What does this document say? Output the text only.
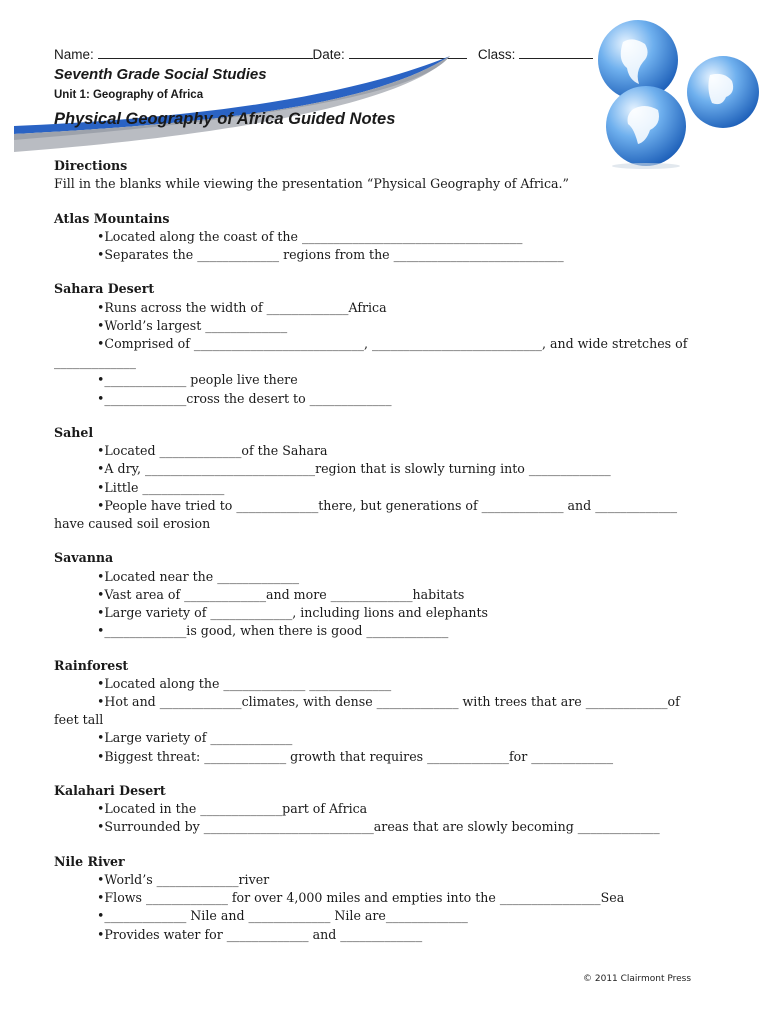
Name:	Date:	Class:
Seventh Grade Social Studies
Unit 1: Geography of Africa
Physical Geography of Africa Guided Notes

Directions

Fill in the blanks while viewing the presentation “Physical Geography of Africa.”

Atlas Mountains

•Located along the coast of the ___________________________________

•Separates the _____________ regions from the ___________________________

Sahara Desert

•Runs across the width of _____________Africa

•World’s largest _____________

•Comprised of ___________________________, ___________________________, and wide stretches of

_____________

•_____________ people live there

•_____________cross the desert to _____________

Sahel

•Located _____________of the Sahara

•A dry, ___________________________region that is slowly turning into _____________

•Little _____________

•People have tried to _____________there, but generations of _____________ and _____________

have caused soil erosion

Savanna

•Located near the _____________

•Vast area of _____________and more _____________habitats

•Large variety of _____________, including lions and elephants

•_____________is good, when there is good _____________

Rainforest

•Located along the _____________ _____________

•Hot and _____________climates, with dense _____________ with trees that are _____________of

feet tall

•Large variety of _____________

•Biggest threat: _____________ growth that requires _____________for _____________

Kalahari Desert

•Located in the _____________part of Africa

•Surrounded by ___________________________areas that are slowly becoming _____________

Nile River

•World’s _____________river

•Flows _____________ for over 4,000 miles and empties into the ________________Sea

•_____________ Nile and _____________ Nile are_____________

•Provides water for _____________ and _____________

© 2011 Clairmont Press
